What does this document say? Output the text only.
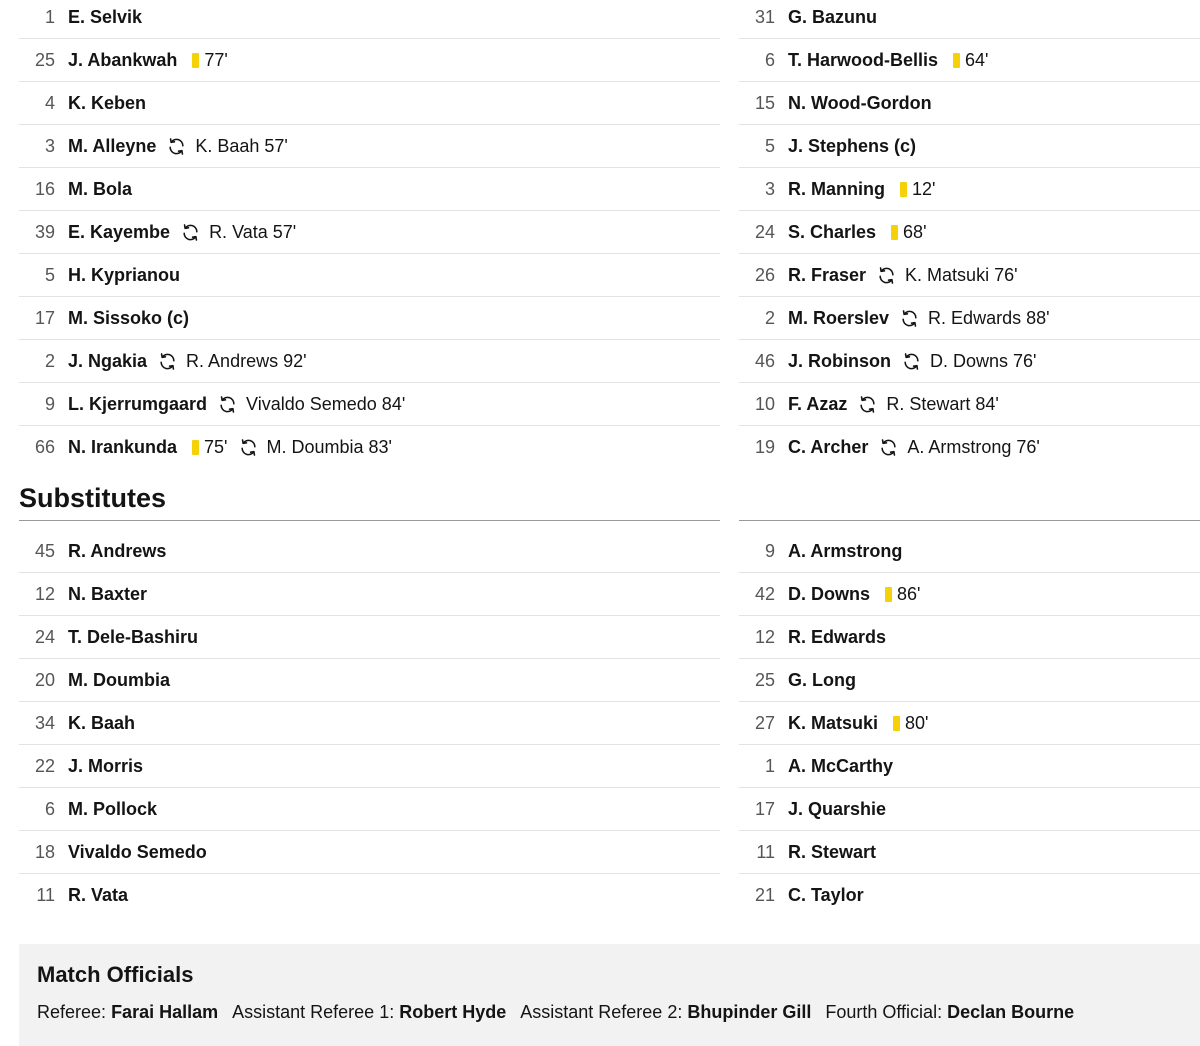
1 E. Selvik
25 J. Abankwah 77'
4 K. Keben
3 M. Alleyne K. Baah 57'
16 M. Bola
39 E. Kayembe R. Vata 57'
5 H. Kyprianou
17 M. Sissoko (c)
2 J. Ngakia R. Andrews 92'
9 L. Kjerrumgaard Vivaldo Semedo 84'
66 N. Irankunda 75' M. Doumbia 83'
31 G. Bazunu
6 T. Harwood-Bellis 64'
15 N. Wood-Gordon
5 J. Stephens (c)
3 R. Manning 12'
24 S. Charles 68'
26 R. Fraser K. Matsuki 76'
2 M. Roerslev R. Edwards 88'
46 J. Robinson D. Downs 76'
10 F. Azaz R. Stewart 84'
19 C. Archer A. Armstrong 76'
Substitutes
45 R. Andrews
12 N. Baxter
24 T. Dele-Bashiru
20 M. Doumbia
34 K. Baah
22 J. Morris
6 M. Pollock
18 Vivaldo Semedo
11 R. Vata
9 A. Armstrong
42 D. Downs 86'
12 R. Edwards
25 G. Long
27 K. Matsuki 80'
1 A. McCarthy
17 J. Quarshie
11 R. Stewart
21 C. Taylor
Match Officials
Referee: Farai Hallam Assistant Referee 1: Robert Hyde Assistant Referee 2: Bhupinder Gill Fourth Official: Declan Bourne
